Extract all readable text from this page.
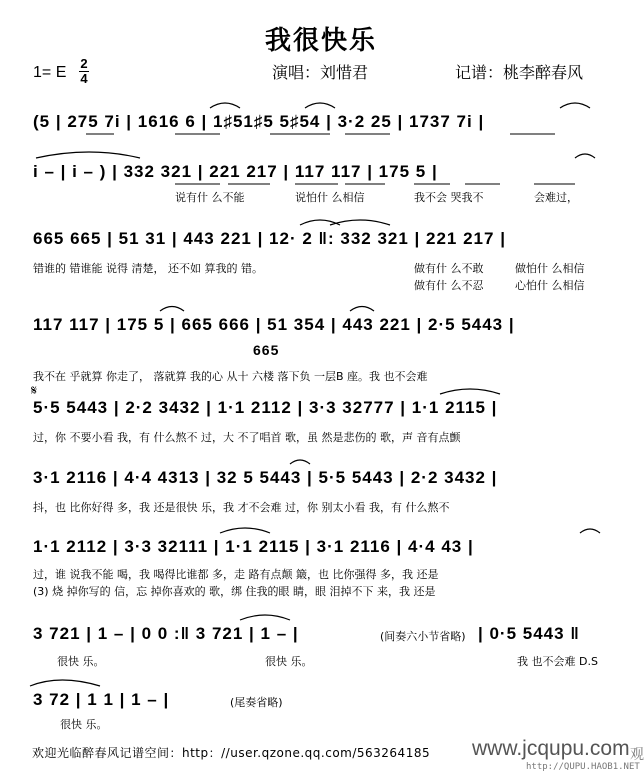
我很快乐
1= E
2
4	演唱：刘惜君	记谱：桃李醉春风
(5 | 275 7i | 1616 6 | 1♯51♯5 5♯54 | 3·2 25 | 1737 7i |
i – | i – ) | 332 321 | 221 217 | 117 117 | 175 5 |
说有什 么不能	说怕什 么相信	我不会 哭我不	会难过，
665 665 | 51 31 | 443 221 | 12· 2 ‖: 332 321 | 221 217 |
错谁的 错谁能 说得 清楚， 还不如 算我的 错。	做有什 么不敢	做怕什 么相信
做有什 么不忍	心怕什 么相信
117 117 | 175 5 | 665 666 | 51 354 | 443 221 | 2·5 5443 |
665
我不在 乎就算 你走了， 落就算 我的心 从十 六楼 落下负 一层B 座。我 也不会难
𝄋
5·5 5443 | 2·2 3432 | 1·1 2112 | 3·3 32777 | 1·1 2115 |
过，你 不要小看 我，有 什么熬不 过，大 不了唱首 歌，虽 然是悲伤的 歌，声 音有点颤
3·1 2116 | 4·4 4313 | 32 5 5443 | 5·5 5443 | 2·2 3432 |
抖，也 比你好得 多，我 还是很快 乐，我 才不会难 过，你 别太小看 我，有 什么熬不
1·1 2112 | 3·3 32111 | 1·1 2115 | 3·1 2116 | 4·4 43 |
过，谁 说我不能 喝，我 喝得比谁都 多，走 路有点颠 簸，也 比你强得 多，我 还是
(3) 烧 掉你写的 信，忘 掉你喜欢的 歌，绑 住我的眼 睛，眼 泪掉不下 来，我 还是
3 721 | 1 – | 0 0 :‖ 3 721 | 1 – |	(间奏六小节省略) | 0·5 5443 ‖
很快 乐。	很快 乐。	我 也不会难 D.S
3 72 | 1 1 | 1 – |	(尾奏省略)
很快 乐。
欢迎光临醉春风记谱空间：http：//user.qzone.qq.com/563264185 www.jcqupu.com
http://QUPU.HAOB1.NET
观
